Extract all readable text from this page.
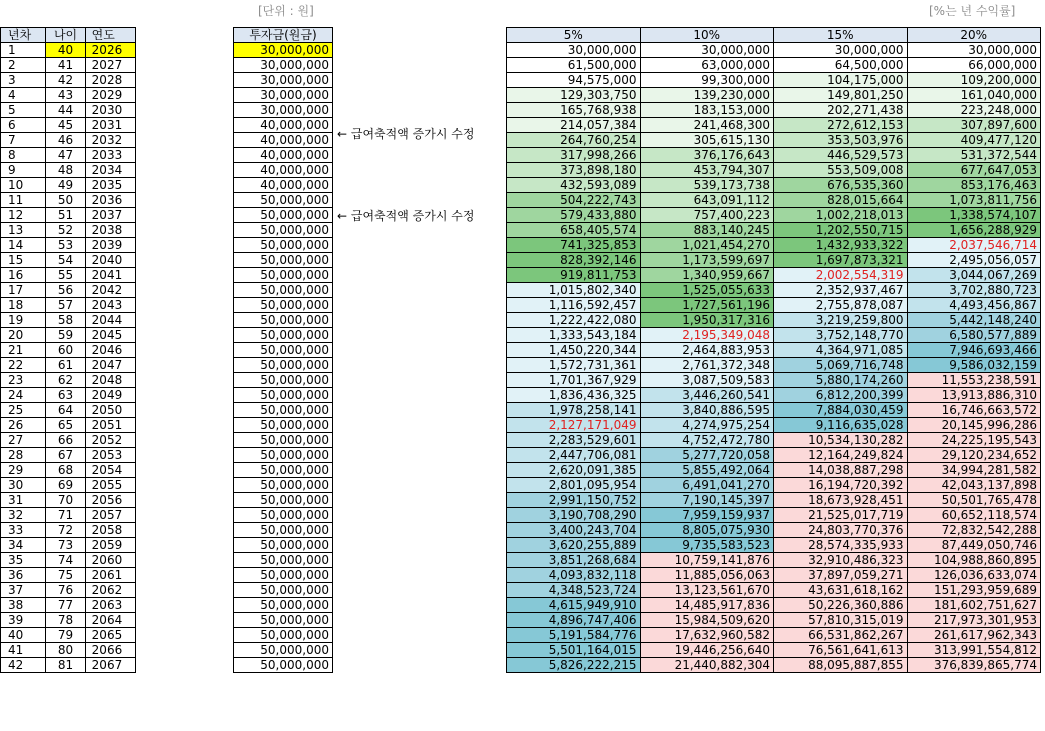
[단위 : 원]	[%는 년 수익률]
년차	나이	연도
1	40	2026
2	41	2027
3	42	2028
4	43	2029
5	44	2030
6	45	2031
7	46	2032
8	47	2033
9	48	2034
10	49	2035
11	50	2036
12	51	2037
13	52	2038
14	53	2039
15	54	2040
16	55	2041
17	56	2042
18	57	2043
19	58	2044
20	59	2045
21	60	2046
22	61	2047
23	62	2048
24	63	2049
25	64	2050
26	65	2051
27	66	2052
28	67	2053
29	68	2054
30	69	2055
31	70	2056
32	71	2057
33	72	2058
34	73	2059
35	74	2060
36	75	2061
37	76	2062
38	77	2063
39	78	2064
40	79	2065
41	80	2066
42	81	2067
투자금(원금)
30,000,000
30,000,000
30,000,000
30,000,000
30,000,000
40,000,000
40,000,000
40,000,000
40,000,000
40,000,000
50,000,000
50,000,000
50,000,000
50,000,000
50,000,000
50,000,000
50,000,000
50,000,000
50,000,000
50,000,000
50,000,000
50,000,000
50,000,000
50,000,000
50,000,000
50,000,000
50,000,000
50,000,000
50,000,000
50,000,000
50,000,000
50,000,000
50,000,000
50,000,000
50,000,000
50,000,000
50,000,000
50,000,000
50,000,000
50,000,000
50,000,000
50,000,000
← 급여축적액 증가시 수정
← 급여축적액 증가시 수정
5%	10%	15%	20%
30,000,000	30,000,000	30,000,000	30,000,000
61,500,000	63,000,000	64,500,000	66,000,000
94,575,000	99,300,000	104,175,000	109,200,000
129,303,750	139,230,000	149,801,250	161,040,000
165,768,938	183,153,000	202,271,438	223,248,000
214,057,384	241,468,300	272,612,153	307,897,600
264,760,254	305,615,130	353,503,976	409,477,120
317,998,266	376,176,643	446,529,573	531,372,544
373,898,180	453,794,307	553,509,008	677,647,053
432,593,089	539,173,738	676,535,360	853,176,463
504,222,743	643,091,112	828,015,664	1,073,811,756
579,433,880	757,400,223	1,002,218,013	1,338,574,107
658,405,574	883,140,245	1,202,550,715	1,656,288,929
741,325,853	1,021,454,270	1,432,933,322	2,037,546,714
828,392,146	1,173,599,697	1,697,873,321	2,495,056,057
919,811,753	1,340,959,667	2,002,554,319	3,044,067,269
1,015,802,340	1,525,055,633	2,352,937,467	3,702,880,723
1,116,592,457	1,727,561,196	2,755,878,087	4,493,456,867
1,222,422,080	1,950,317,316	3,219,259,800	5,442,148,240
1,333,543,184	2,195,349,048	3,752,148,770	6,580,577,889
1,450,220,344	2,464,883,953	4,364,971,085	7,946,693,466
1,572,731,361	2,761,372,348	5,069,716,748	9,586,032,159
1,701,367,929	3,087,509,583	5,880,174,260	11,553,238,591
1,836,436,325	3,446,260,541	6,812,200,399	13,913,886,310
1,978,258,141	3,840,886,595	7,884,030,459	16,746,663,572
2,127,171,049	4,274,975,254	9,116,635,028	20,145,996,286
2,283,529,601	4,752,472,780	10,534,130,282	24,225,195,543
2,447,706,081	5,277,720,058	12,164,249,824	29,120,234,652
2,620,091,385	5,855,492,064	14,038,887,298	34,994,281,582
2,801,095,954	6,491,041,270	16,194,720,392	42,043,137,898
2,991,150,752	7,190,145,397	18,673,928,451	50,501,765,478
3,190,708,290	7,959,159,937	21,525,017,719	60,652,118,574
3,400,243,704	8,805,075,930	24,803,770,376	72,832,542,288
3,620,255,889	9,735,583,523	28,574,335,933	87,449,050,746
3,851,268,684	10,759,141,876	32,910,486,323	104,988,860,895
4,093,832,118	11,885,056,063	37,897,059,271	126,036,633,074
4,348,523,724	13,123,561,670	43,631,618,162	151,293,959,689
4,615,949,910	14,485,917,836	50,226,360,886	181,602,751,627
4,896,747,406	15,984,509,620	57,810,315,019	217,973,301,953
5,191,584,776	17,632,960,582	66,531,862,267	261,617,962,343
5,501,164,015	19,446,256,640	76,561,641,613	313,991,554,812
5,826,222,215	21,440,882,304	88,095,887,855	376,839,865,774
